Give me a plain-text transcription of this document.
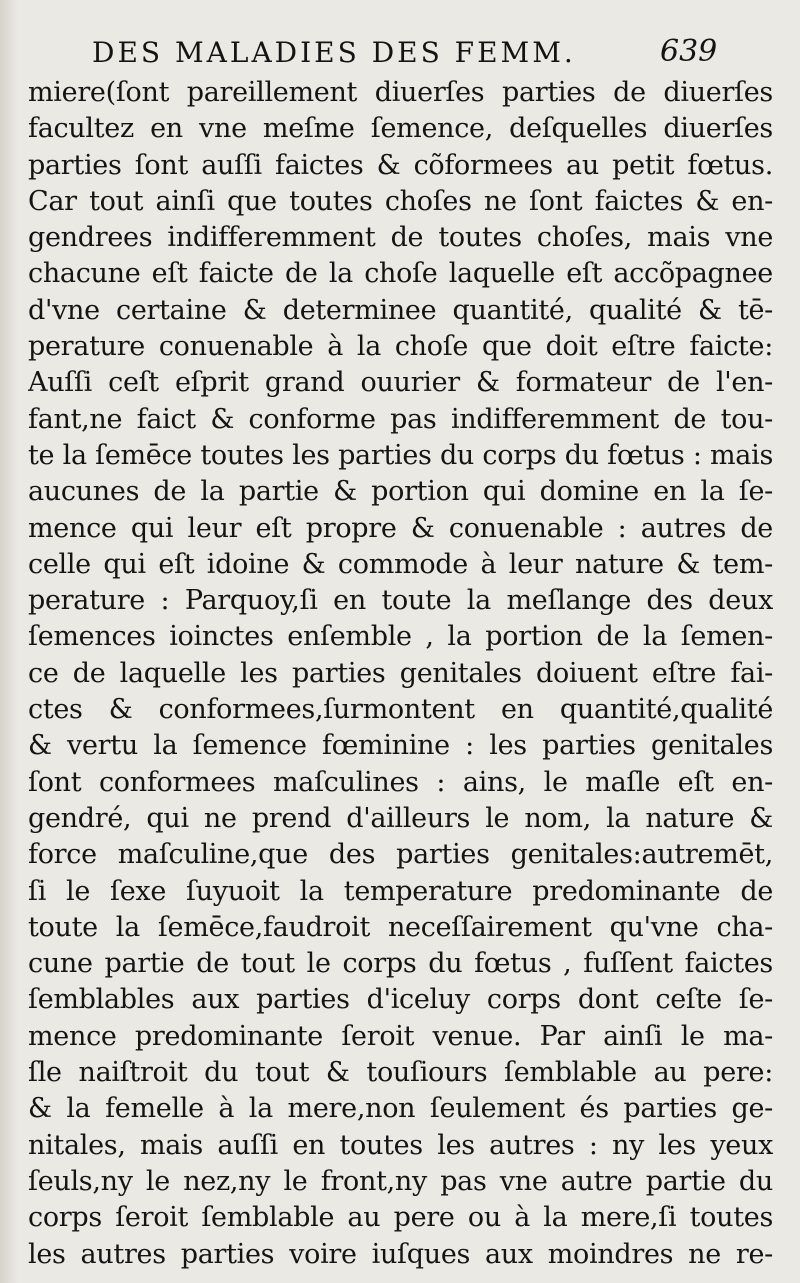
DES MALADIES DES FEMM.	639
miere(ſont pareillement diuerſes parties de diuerſes
facultez en vne meſme ſemence, deſquelles diuerſes
parties ſont auſſi faictes & cõformees au petit fœtus.
Car tout ainſi que toutes choſes ne ſont faictes & en-
gendrees indifferemment de toutes choſes, mais vne
chacune eſt faicte de la choſe laquelle eſt accõpagnee
d'vne certaine & determinee quantité, qualité & tē-
perature conuenable à la choſe que doit eſtre faicte:
Auſſi ceſt eſprit grand ouurier & formateur de l'en-
fant,ne faict & conforme pas indifferemment de tou-
te la ſemēce toutes les parties du corps du fœtus : mais
aucunes de la partie & portion qui domine en la ſe-
mence qui leur eſt propre & conuenable : autres de
celle qui eſt idoine & commode à leur nature & tem-
perature : Parquoy,ſi en toute la meſlange des deux
ſemences ioinctes enſemble , la portion de la ſemen-
ce de laquelle les parties genitales doiuent eſtre fai-
ctes & conformees,ſurmontent en quantité,qualité
& vertu la ſemence fœminine : les parties genitales
ſont conformees maſculines : ains, le maſle eſt en-
gendré, qui ne prend d'ailleurs le nom, la nature &
force maſculine,que des parties genitales:autremēt,
ſi le ſexe ſuyuoit la temperature predominante de
toute la ſemēce,faudroit neceſſairement qu'vne cha-
cune partie de tout le corps du fœtus , fuſſent faictes
ſemblables aux parties d'iceluy corps dont ceſte ſe-
mence predominante ſeroit venue. Par ainſi le ma-
ſle naiſtroit du tout & touſiours ſemblable au pere:
& la femelle à la mere,non ſeulement és parties ge-
nitales, mais auſſi en toutes les autres : ny les yeux
ſeuls,ny le nez,ny le front,ny pas vne autre partie du
corps ſeroit ſemblable au pere ou à la mere,ſi toutes
les autres parties voire iuſques aux moindres ne re-
